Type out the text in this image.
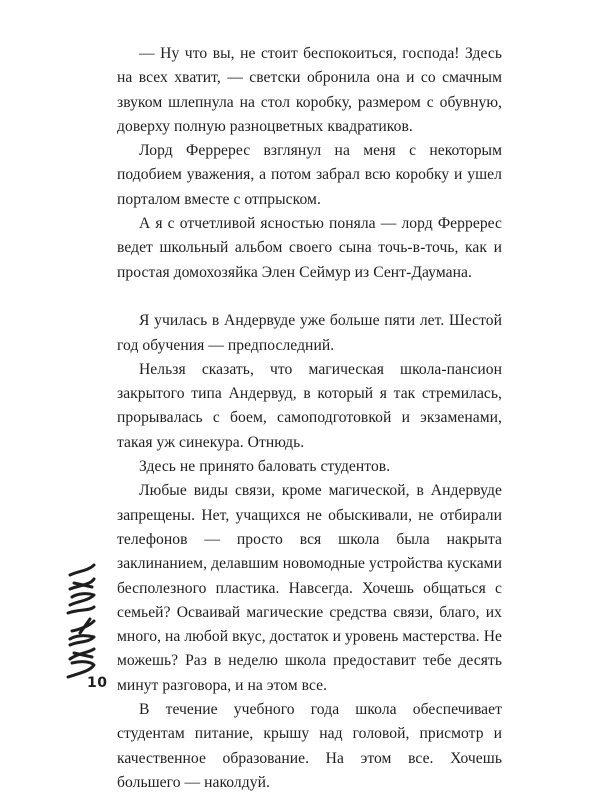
— Ну что вы, не стоит беспокоиться, господа! Здесь на всех хватит, — светски обронила она и со смачным звуком шлепнула на стол коробку, размером с обувную, доверху полную разноцветных квадратиков.

Лорд Ферререс взглянул на меня с некоторым подобием уважения, а потом забрал всю коробку и ушел порталом вместе с отпрыском.

А я с отчетливой ясностью поняла — лорд Ферререс ведет школьный альбом своего сына точь-в-точь, как и простая домохозяйка Элен Сеймур из Сент-Даумана.

Я училась в Андервуде уже больше пяти лет. Шестой год обучения — предпоследний.

Нельзя сказать, что магическая школа-пансион закрытого типа Андервуд, в который я так стремилась, прорывалась с боем, самоподготовкой и экзаменами, такая уж синекура. Отнюдь.

Здесь не принято баловать студентов.

Любые виды связи, кроме магической, в Андервуде запрещены. Нет, учащихся не обыскивали, не отбирали телефонов — просто вся школа была накрыта заклинанием, делавшим новомодные устройства кусками бесполезного пластика. Навсегда. Хочешь общаться с семьей? Осваивай магические средства связи, благо, их много, на любой вкус, достаток и уровень мастерства. Не можешь? Раз в неделю школа предоставит тебе десять минут разговора, и на этом все.

В течение учебного года школа обеспечивает студентам питание, крышу над головой, присмотр и качественное образование. На этом все. Хочешь большего — наколдуй.

10
